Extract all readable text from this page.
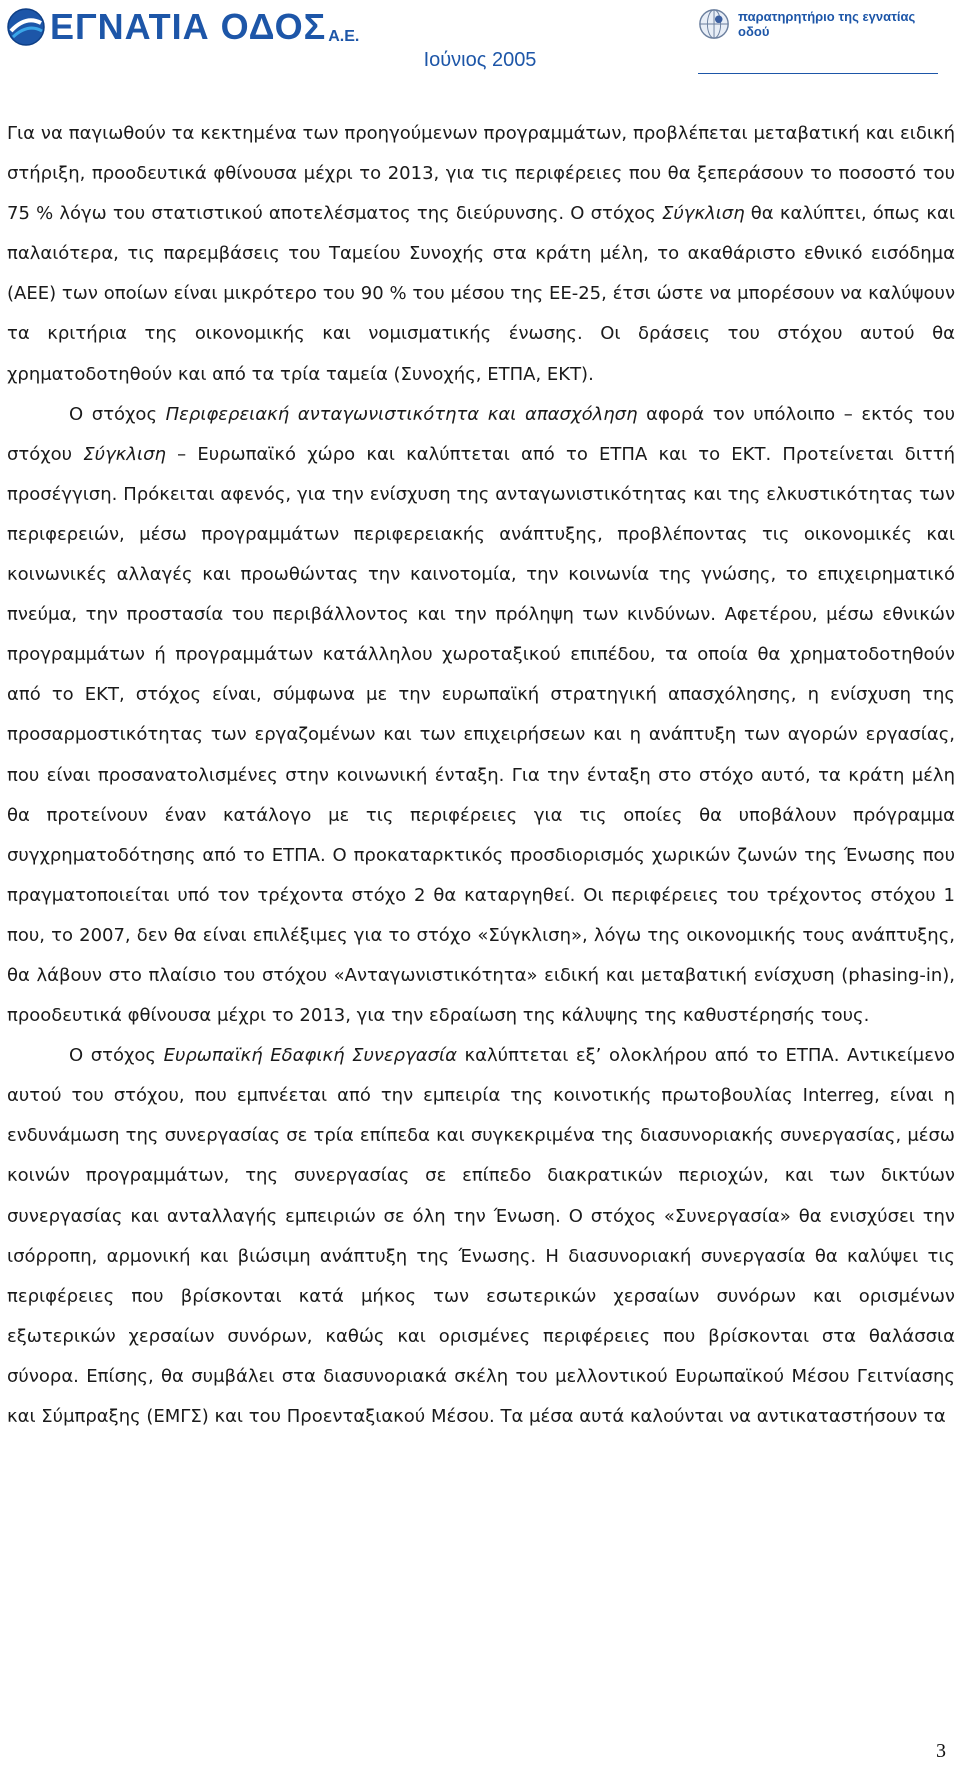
ΕΓΝΑΤΙΑ ΟΔΟΣ Α.Ε.
παρατηρητήριο της εγνατίας οδού
Ιούνιος 2005

Για να παγιωθούν τα κεκτημένα των προηγούμενων προγραμμάτων, προβλέπεται μεταβατική και ειδική στήριξη, προοδευτικά φθίνουσα μέχρι το 2013, για τις περιφέρειες που θα ξεπεράσουν το ποσοστό του 75 % λόγω του στατιστικού αποτελέσματος της διεύρυνσης. Ο στόχος Σύγκλιση θα καλύπτει, όπως και παλαιότερα, τις παρεμβάσεις του Ταμείου Συνοχής στα κράτη μέλη, το ακαθάριστο εθνικό εισόδημα (ΑΕΕ) των οποίων είναι μικρότερο του 90 % του μέσου της ΕΕ-25, έτσι ώστε να μπορέσουν να καλύψουν τα κριτήρια της οικονομικής και νομισματικής ένωσης. Οι δράσεις του στόχου αυτού θα χρηματοδοτηθούν και από τα τρία ταμεία (Συνοχής, ΕΤΠΑ, ΕΚΤ).

Ο στόχος Περιφερειακή ανταγωνιστικότητα και απασχόληση αφορά τον υπόλοιπο – εκτός του στόχου Σύγκλιση – Ευρωπαϊκό χώρο και καλύπτεται από το ΕΤΠΑ και το ΕΚΤ. Προτείνεται διττή προσέγγιση. Πρόκειται αφενός, για την ενίσχυση της ανταγωνιστικότητας και της ελκυστικότητας των περιφερειών, μέσω προγραμμάτων περιφερειακής ανάπτυξης, προβλέποντας τις οικονομικές και κοινωνικές αλλαγές και προωθώντας την καινοτομία, την κοινωνία της γνώσης, το επιχειρηματικό πνεύμα, την προστασία του περιβάλλοντος και την πρόληψη των κινδύνων. Αφετέρου, μέσω εθνικών προγραμμάτων ή προγραμμάτων κατάλληλου χωροταξικού επιπέδου, τα οποία θα χρηματοδοτηθούν από το ΕΚΤ, στόχος είναι, σύμφωνα με την ευρωπαϊκή στρατηγική απασχόλησης, η ενίσχυση της προσαρμοστικότητας των εργαζομένων και των επιχειρήσεων και η ανάπτυξη των αγορών εργασίας, που είναι προσανατολισμένες στην κοινωνική ένταξη. Για την ένταξη στο στόχο αυτό, τα κράτη μέλη θα προτείνουν έναν κατάλογο με τις περιφέρειες για τις οποίες θα υποβάλουν πρόγραμμα συγχρηματοδότησης από το ΕΤΠΑ. Ο προκαταρκτικός προσδιορισμός χωρικών ζωνών της Ένωσης που πραγματοποιείται υπό τον τρέχοντα στόχο 2 θα καταργηθεί. Οι περιφέρειες του τρέχοντος στόχου 1 που, το 2007, δεν θα είναι επιλέξιμες για το στόχο «Σύγκλιση», λόγω της οικονομικής τους ανάπτυξης, θα λάβουν στο πλαίσιο του στόχου «Ανταγωνιστικότητα» ειδική και μεταβατική ενίσχυση (phasing-in), προοδευτικά φθίνουσα μέχρι το 2013, για την εδραίωση της κάλυψης της καθυστέρησής τους.

Ο στόχος Ευρωπαϊκή Εδαφική Συνεργασία καλύπτεται εξ’ ολοκλήρου από το ΕΤΠΑ. Αντικείμενο αυτού του στόχου, που εμπνέεται από την εμπειρία της κοινοτικής πρωτοβουλίας Interreg, είναι η ενδυνάμωση της συνεργασίας σε τρία επίπεδα και συγκεκριμένα της διασυνοριακής συνεργασίας, μέσω κοινών προγραμμάτων, της συνεργασίας σε επίπεδο διακρατικών περιοχών, και των δικτύων συνεργασίας και ανταλλαγής εμπειριών σε όλη την Ένωση. Ο στόχος «Συνεργασία» θα ενισχύσει την ισόρροπη, αρμονική και βιώσιμη ανάπτυξη της Ένωσης. Η διασυνοριακή συνεργασία θα καλύψει τις περιφέρειες που βρίσκονται κατά μήκος των εσωτερικών χερσαίων συνόρων και ορισμένων εξωτερικών χερσαίων συνόρων, καθώς και ορισμένες περιφέρειες που βρίσκονται στα θαλάσσια σύνορα. Επίσης, θα συμβάλει στα διασυνοριακά σκέλη του μελλοντικού Ευρωπαϊκού Μέσου Γειτνίασης και Σύμπραξης (ΕΜΓΣ) και του Προενταξιακού Μέσου. Τα μέσα αυτά καλούνται να αντικαταστήσουν τα

3
